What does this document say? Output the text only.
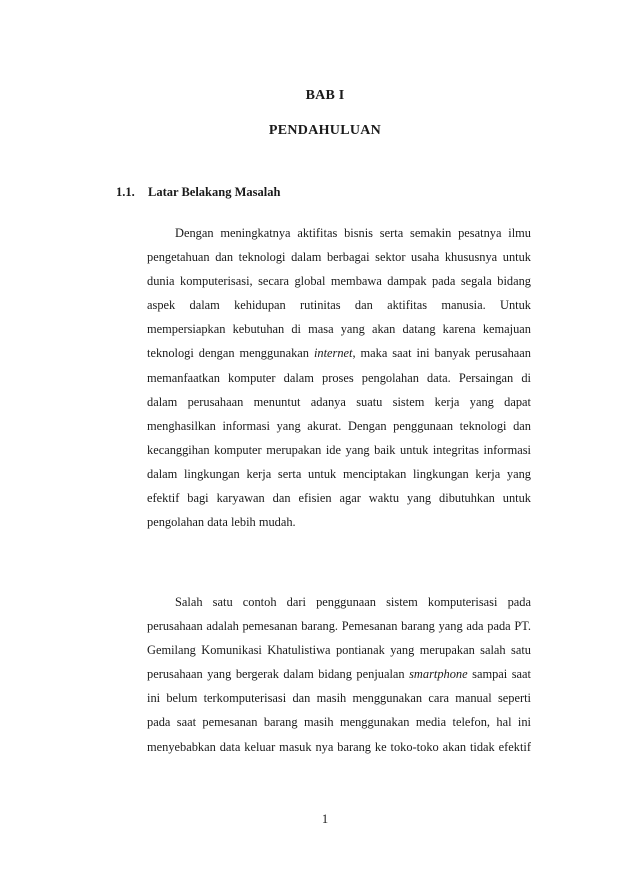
BAB I
PENDAHULUAN
1.1. Latar Belakang Masalah

Dengan meningkatnya aktifitas bisnis serta semakin pesatnya ilmu
pengetahuan dan teknologi dalam berbagai sektor usaha khususnya untuk
dunia komputerisasi, secara global membawa dampak pada segala bidang
aspek dalam kehidupan rutinitas dan aktifitas manusia. Untuk
mempersiapkan kebutuhan di masa yang akan datang karena kemajuan
teknologi dengan menggunakan internet, maka saat ini banyak perusahaan
memanfaatkan komputer dalam proses pengolahan data. Persaingan di
dalam perusahaan menuntut adanya suatu sistem kerja yang dapat
menghasilkan informasi yang akurat. Dengan penggunaan teknologi dan
kecanggihan komputer merupakan ide yang baik untuk integritas informasi
dalam lingkungan kerja serta untuk menciptakan lingkungan kerja yang
efektif bagi karyawan dan efisien agar waktu yang dibutuhkan untuk
pengolahan data lebih mudah.

Salah satu contoh dari penggunaan sistem komputerisasi pada
perusahaan adalah pemesanan barang. Pemesanan barang yang ada pada PT.
Gemilang Komunikasi Khatulistiwa pontianak yang merupakan salah satu
perusahaan yang bergerak dalam bidang penjualan smartphone sampai saat
ini belum terkomputerisasi dan masih menggunakan cara manual seperti
pada saat pemesanan barang masih menggunakan media telefon, hal ini
menyebabkan data keluar masuk nya barang ke toko-toko akan tidak efektif

1
